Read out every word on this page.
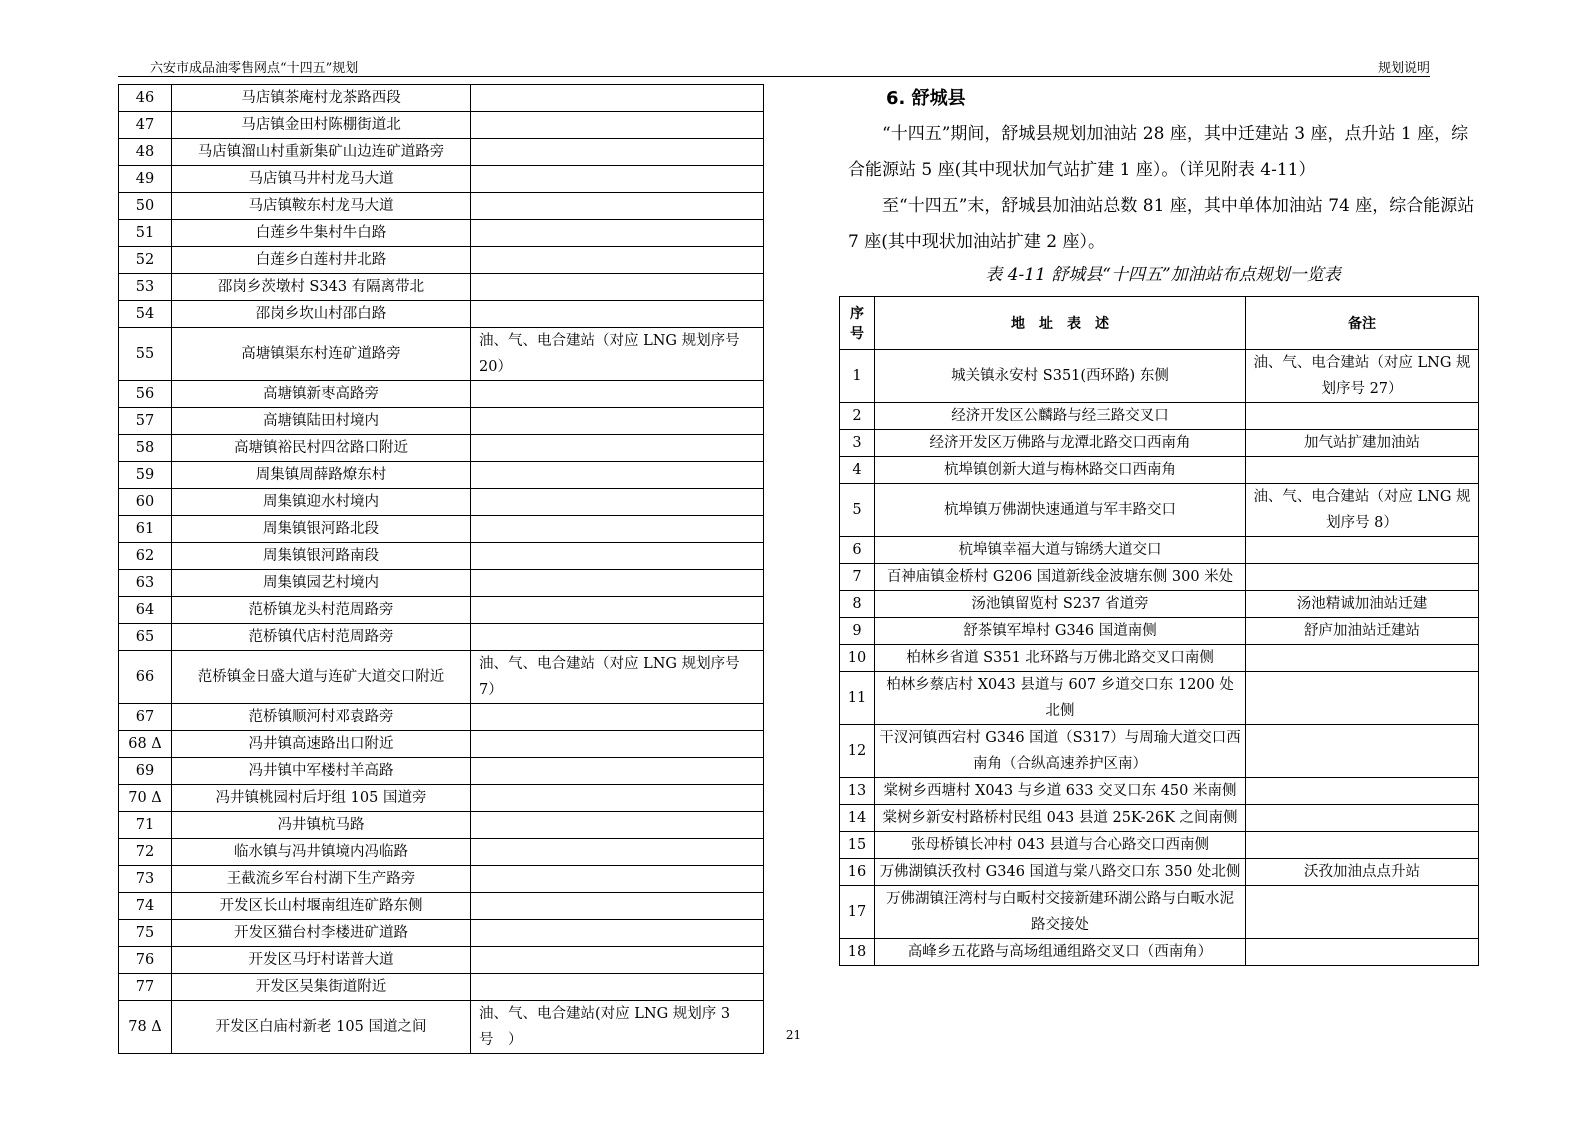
六安市成品油零售网点“十四五”规划	规划说明
46	马店镇茶庵村龙茶路西段	
47	马店镇金田村陈棚街道北	
48	马店镇溜山村重新集矿山边连矿道路旁	
49	马店镇马井村龙马大道	
50	马店镇鞍东村龙马大道	
51	白莲乡牛集村牛白路	
52	白莲乡白莲村井北路	
53	邵岗乡茨墩村 S343 有隔离带北	
54	邵岗乡坎山村邵白路	
55	高塘镇渠东村连矿道路旁	油、气、电合建站（对应 LNG 规划序号 20）
56	高塘镇新枣高路旁	
57	高塘镇陆田村境内	
58	高塘镇裕民村四岔路口附近	
59	周集镇周薛路燎东村	
60	周集镇迎水村境内	
61	周集镇银河路北段	
62	周集镇银河路南段	
63	周集镇园艺村境内	
64	范桥镇龙头村范周路旁	
65	范桥镇代店村范周路旁	
66	范桥镇金日盛大道与连矿大道交口附近	油、气、电合建站（对应 LNG 规划序号 7）
67	范桥镇顺河村邓袁路旁	
68 Δ	冯井镇高速路出口附近	
69	冯井镇中军楼村羊高路	
70 Δ	冯井镇桃园村后圩组 105 国道旁	
71	冯井镇杭马路	
72	临水镇与冯井镇境内冯临路	
73	王截流乡军台村湖下生产路旁	
74	开发区长山村堰南组连矿路东侧	
75	开发区猫台村李楼进矿道路	
76	开发区马圩村诺普大道	
77	开发区吴集街道附近	
78 Δ	开发区白庙村新老 105 国道之间	油、气、电合建站(对应 LNG 规划序 3 号　）
6. 舒城县
“十四五”期间，舒城县规划加油站 28 座，其中迁建站 3 座，点升站 1 座，综合能源站 5 座(其中现状加气站扩建 1 座）。（详见附表 4-11）
至“十四五”末，舒城县加油站总数 81 座，其中单体加油站 74 座，综合能源站 7 座(其中现状加油站扩建 2 座）。
表 4-11 舒城县“十四五”加油站布点规划一览表
序号	地　址　表　述	备注
1	城关镇永安村 S351(西环路) 东侧	油、气、电合建站（对应 LNG 规划序号 27）
2	经济开发区公麟路与经三路交叉口	
3	经济开发区万佛路与龙潭北路交口西南角	加气站扩建加油站
4	杭埠镇创新大道与梅林路交口西南角	
5	杭埠镇万佛湖快速通道与军丰路交口	油、气、电合建站（对应 LNG 规划序号 8）
6	杭埠镇幸福大道与锦绣大道交口	
7	百神庙镇金桥村 G206 国道新线金波塘东侧 300 米处	
8	汤池镇留览村 S237 省道旁	汤池精诚加油站迁建
9	舒茶镇军埠村 G346 国道南侧	舒庐加油站迁建站
10	柏林乡省道 S351 北环路与万佛北路交叉口南侧	
11	柏林乡蔡店村 X043 县道与 607 乡道交口东 1200 处北侧	
12	干汊河镇西宕村 G346 国道（S317）与周瑜大道交口西南角（合纵高速养护区南）	
13	棠树乡西塘村 X043 与乡道 633 交叉口东 450 米南侧	
14	棠树乡新安村路桥村民组 043 县道 25K-26K 之间南侧	
15	张母桥镇长冲村 043 县道与合心路交口西南侧	
16	万佛湖镇沃孜村 G346 国道与棠八路交口东 350 处北侧	沃孜加油点点升站
17	万佛湖镇汪湾村与白畈村交接新建环湖公路与白畈水泥路交接处	
18	高峰乡五花路与高场组通组路交叉口（西南角）	
21
